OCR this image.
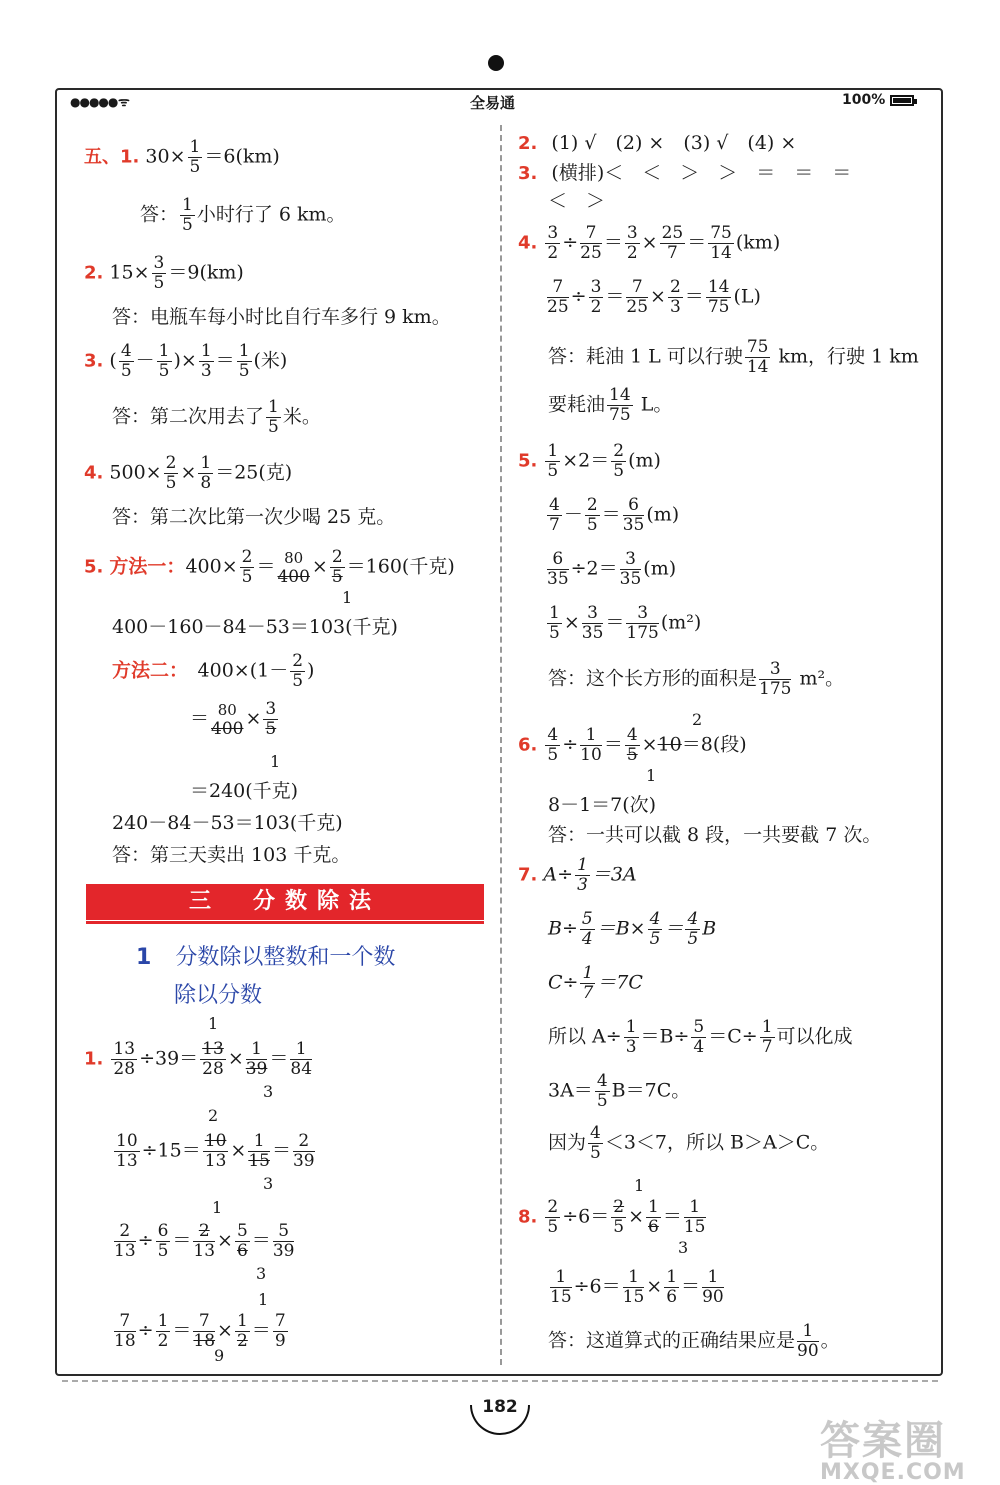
●●●●● ᯤ	全易通	100%
五、1. $30\times \frac{1}{5} =6(km)$
答： $\frac{1}{5}$ 小时行了 6 km。
2. $15\times \frac{3}{5} =9(km)$
答：电瓶车每小时比自行车多行 9 km。
3. ( $\frac{4}{5} - \frac{1}{5}$ )× $\frac{1}{3} = \frac{1}{5}$ (米)
答：第二次用去了 $\frac{1}{5}$ 米。
4. $500\times \frac{2}{5} \times \frac{1}{8} =25$(克)
答：第二次比第一次少喝 25 克。
5. 方法一：$400\times \frac{2}{5} = 80$
$400 \times \frac{2}{5} =160$(千克)
1
400－160－84－53＝103(千克)
方法二：　$400\times(1- \frac{2}{5}$ )
＝ 80
$400 \times \frac{3}{5}$
1
＝240(千克)
240－84－53＝103(千克)
答：第三天卖出 103 千克。
三　分数除法
1 分数除以整数和一个数
除以分数
1
1. $\frac{13}{28} \div 39= \frac{13}{28} \times \frac{1}{39} = \frac{1}{84}$
3
2
$\frac{10}{13} \div 15= \frac{10}{13} \times \frac{1}{15} = \frac{2}{39}$
3
1
$\frac{2}{13} \div \frac{6}{5} = \frac{2}{13} \times \frac{5}{6} = \frac{5}{39}$
3
1
$\frac{7}{18} \div \frac{1}{2} = \frac{7}{18} \times \frac{1}{2} = \frac{7}{9}$
9
2. (1) √　(2) ×　(3) √　(4) ×
3. (横排)＜　＜　＞　＞　＝　＝　＝
＜　＞
4. $\frac{3}{2} \div \frac{7}{25} = \frac{3}{2} \times \frac{25}{7} = \frac{75}{14} (km)$
$\frac{7}{25} \div \frac{3}{2} = \frac{7}{25} \times \frac{2}{3} = \frac{14}{75} (L)$
答：耗油 1 L 可以行驶 $\frac{75}{14}$ km，行驶 1 km
要耗油 $\frac{14}{75}$ L。
5. $\frac{1}{5} \times 2= \frac{2}{5} (m)$
$\frac{4}{7} - \frac{2}{5} = \frac{6}{35} (m)$
$\frac{6}{35} \div 2= \frac{3}{35} (m)$
$\frac{1}{5} \times \frac{3}{35} = \frac{3}{175} (m^2)$
答：这个长方形的面积是 $\frac{3}{175} m^2$。
2
6. $\frac{4}{5} \div \frac{1}{10} = \frac{4}{5} \times 10=8$(段)
1
8－1＝7(次)
答：一共可以截 8 段，一共要截 7 次。
7. $A\div \frac{1}{3} =3A$
$B\div \frac{5}{4} =B\times \frac{4}{5} = \frac{4}{5}$ B
$C\div \frac{1}{7} =7C$
所以 $A\div \frac{1}{3} =B\div \frac{5}{4} =C\div \frac{1}{7}$ 可以化成
$3A= \frac{4}{5} B=7C$。
因为 $\frac{4}{5} <3<7$，所以 B＞A＞C。
1
8. $\frac{2}{5} \div 6= \frac{2}{5} \times \frac{1}{6} = \frac{1}{15}$
3
$\frac{1}{15} \div 6= \frac{1}{15} \times \frac{1}{6} = \frac{1}{90}$
答：这道算式的正确结果应是 $\frac{1}{90}$ 。
182
答案圈
MXQE.COM
